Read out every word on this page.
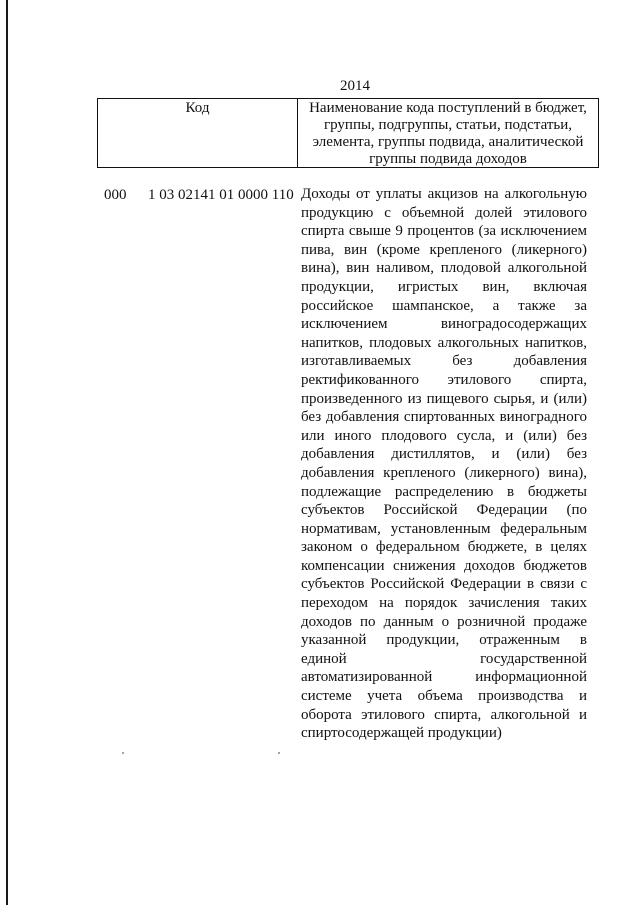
2014
Код	Наименование кода поступлений в бюджет, группы, подгруппы, статьи, подстатьи, элемента, группы подвида, аналитической группы подвида доходов
000 1 03 02141 01 0000 110 Доходы от уплаты акцизов на алкогольную продукцию с объемной долей этилового спирта свыше 9 процентов (за исключением пива, вин (кроме крепленого (ликерного) вина), вин наливом, плодовой алкогольной продукции, игристых вин, включая российское шампанское, а также за исключением виноградосодержащих напитков, плодовых алкогольных напитков, изготавливаемых без добавления ректификованного этилового спирта, произведенного из пищевого сырья, и (или) без добавления спиртованных виноградного или иного плодового сусла, и (или) без добавления дистиллятов, и (или) без добавления крепленого (ликерного) вина), подлежащие распределению в бюджеты субъектов Российской Федерации (по нормативам, установленным федеральным законом о федеральном бюджете, в целях компенсации снижения доходов бюджетов субъектов Российской Федерации в связи с переходом на порядок зачисления таких доходов по данным о розничной продаже указанной продукции, отраженным в единой государственной автоматизированной информационной системе учета объема производства и оборота этилового спирта, алкогольной и спиртосодержащей продукции)
